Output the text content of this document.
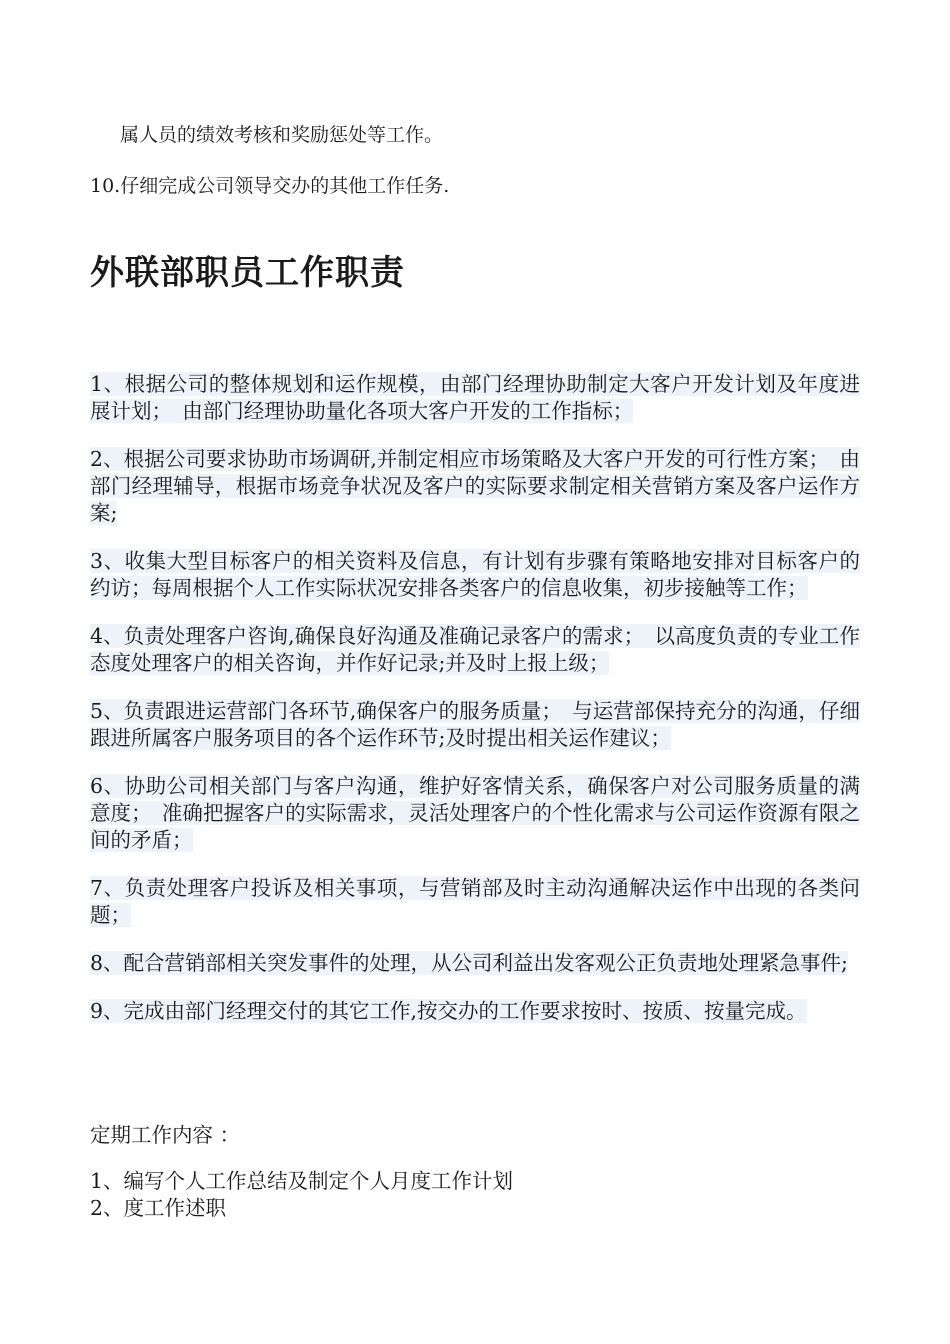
属人员的绩效考核和奖励惩处等工作。
10.仔细完成公司领导交办的其他工作任务.
外联部职员工作职责

1、根据公司的整体规划和运作规模，由部门经理协助制定大客户开发计划及年度进展计划；　由部门经理协助量化各项大客户开发的工作指标；

2、根据公司要求协助市场调研,并制定相应市场策略及大客户开发的可行性方案；　由部门经理辅导，根据市场竞争状况及客户的实际要求制定相关营销方案及客户运作方案;

3、收集大型目标客户的相关资料及信息，有计划有步骤有策略地安排对目标客户的约访；每周根据个人工作实际状况安排各类客户的信息收集，初步接触等工作；

4、负责处理客户咨询,确保良好沟通及准确记录客户的需求；　以高度负责的专业工作态度处理客户的相关咨询，并作好记录;并及时上报上级；

5、负责跟进运营部门各环节,确保客户的服务质量；　与运营部保持充分的沟通，仔细跟进所属客户服务项目的各个运作环节;及时提出相关运作建议；

6、协助公司相关部门与客户沟通，维护好客情关系，确保客户对公司服务质量的满意度；　准确把握客户的实际需求，灵活处理客户的个性化需求与公司运作资源有限之间的矛盾；

7、负责处理客户投诉及相关事项，与营销部及时主动沟通解决运作中出现的各类问题；

8、配合营销部相关突发事件的处理，从公司利益出发客观公正负责地处理紧急事件;

9、完成由部门经理交付的其它工作,按交办的工作要求按时、按质、按量完成。

定期工作内容 ：

1、编写个人工作总结及制定个人月度工作计划

2、度工作述职
